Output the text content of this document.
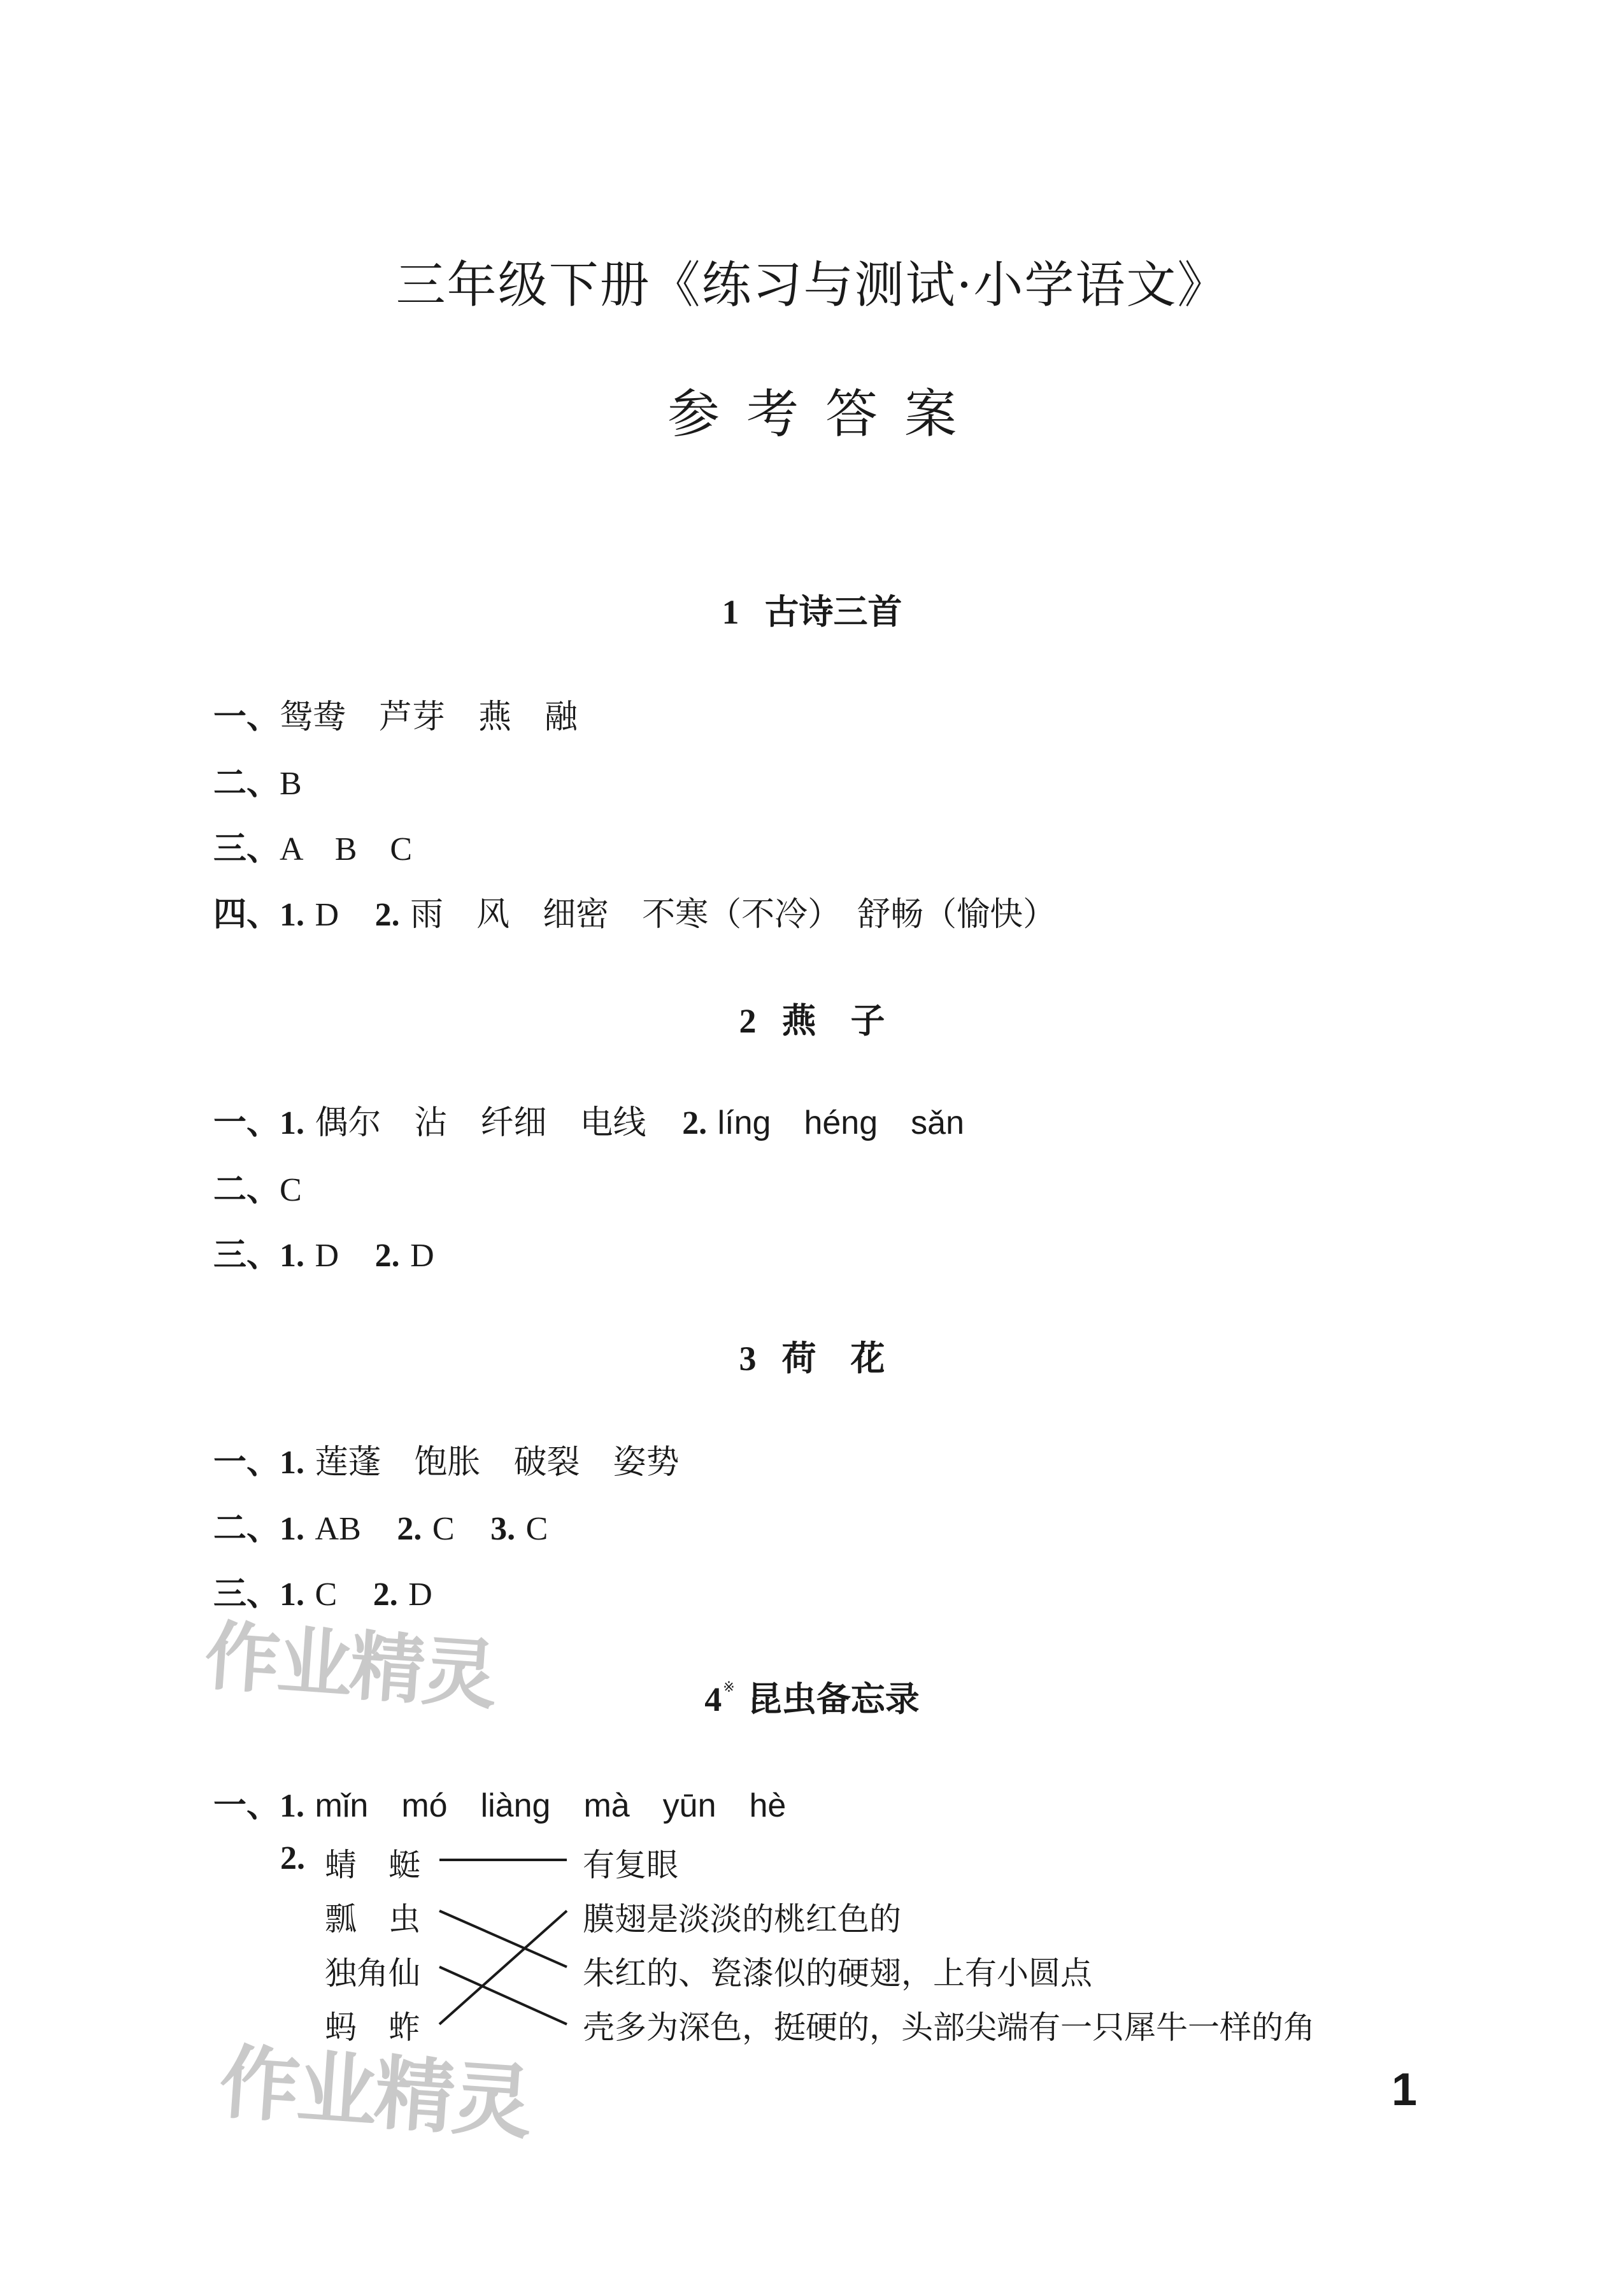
三年级下册《练习与测试·小学语文》
参考答案
1 古诗三首
一、鸳鸯　芦芽　燕　融
二、B
三、A　B　C
四、1. D 2. 雨　风　细密　不寒（不冷）　舒畅（愉快）
2 燕　子
一、1. 偶尔　沾　纤细　电线 2. líng　héng　sǎn
二、C
三、1. D 2. D
3 荷　花
一、1. 莲蓬　饱胀　破裂　姿势
二、1. AB 2. C 3. C
三、1. C 2. D
作业精灵	4※ 昆虫备忘录
一、1. mǐn　mó　liàng　mà　yūn　hè
2. 蜻　蜓
瓢　虫
独角仙
蚂　蚱
有复眼
膜翅是淡淡的桃红色的
朱红的、瓷漆似的硬翅，上有小圆点
壳多为深色，挺硬的，头部尖端有一只犀牛一样的角
作业精灵	1
